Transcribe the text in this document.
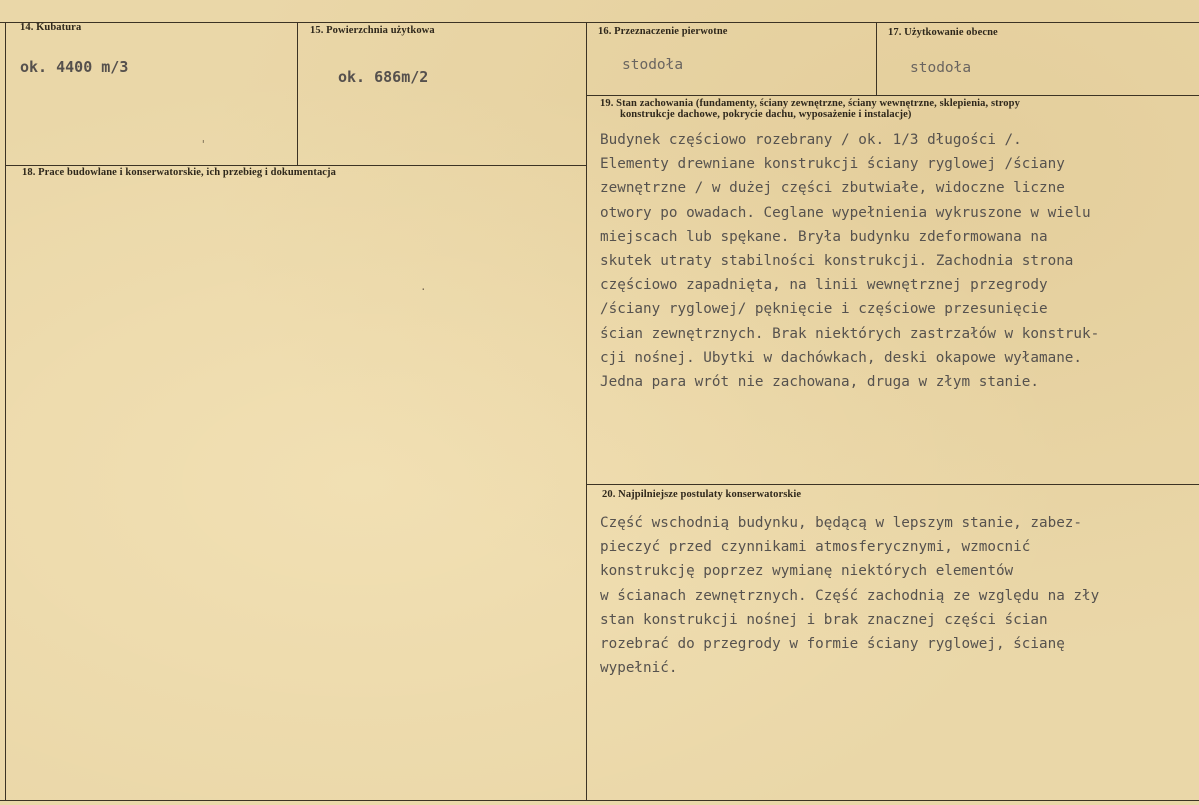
14. Kubatura
ok. 4400 m/3
15. Powierzchnia użytkowa
ok. 686m/2
16. Przeznaczenie pierwotne
stodoła
17. Użytkowanie obecne
stodoła
18. Prace budowlane i konserwatorskie, ich przebieg i dokumentacja
.
'
19. Stan zachowania (fundamenty, ściany zewnętrzne, ściany wewnętrzne, sklepienia, stropy
konstrukcje dachowe, pokrycie dachu, wyposażenie i instalacje)
Budynek częściowo rozebrany / ok. 1/3 długości /.
Elementy drewniane konstrukcji ściany ryglowej /ściany
zewnętrzne / w dużej części zbutwiałe, widoczne liczne
otwory po owadach. Ceglane wypełnienia wykruszone w wielu
miejscach lub spękane. Bryła budynku zdeformowana na
skutek utraty stabilności konstrukcji. Zachodnia strona
częściowo zapadnięta, na linii wewnętrznej przegrody
/ściany ryglowej/ pęknięcie i częściowe przesunięcie
ścian zewnętrznych. Brak niektórych zastrzałów w konstruk-
cji nośnej. Ubytki w dachówkach, deski okapowe wyłamane.
Jedna para wrót nie zachowana, druga w złym stanie.
20. Najpilniejsze postulaty konserwatorskie
Część wschodnią budynku, będącą w lepszym stanie, zabez-
pieczyć przed czynnikami atmosferycznymi, wzmocnić
konstrukcję poprzez wymianę niektórych elementów
w ścianach zewnętrznych. Część zachodnią ze względu na zły
stan konstrukcji nośnej i brak znacznej części ścian
rozebrać do przegrody w formie ściany ryglowej, ścianę
wypełnić.
